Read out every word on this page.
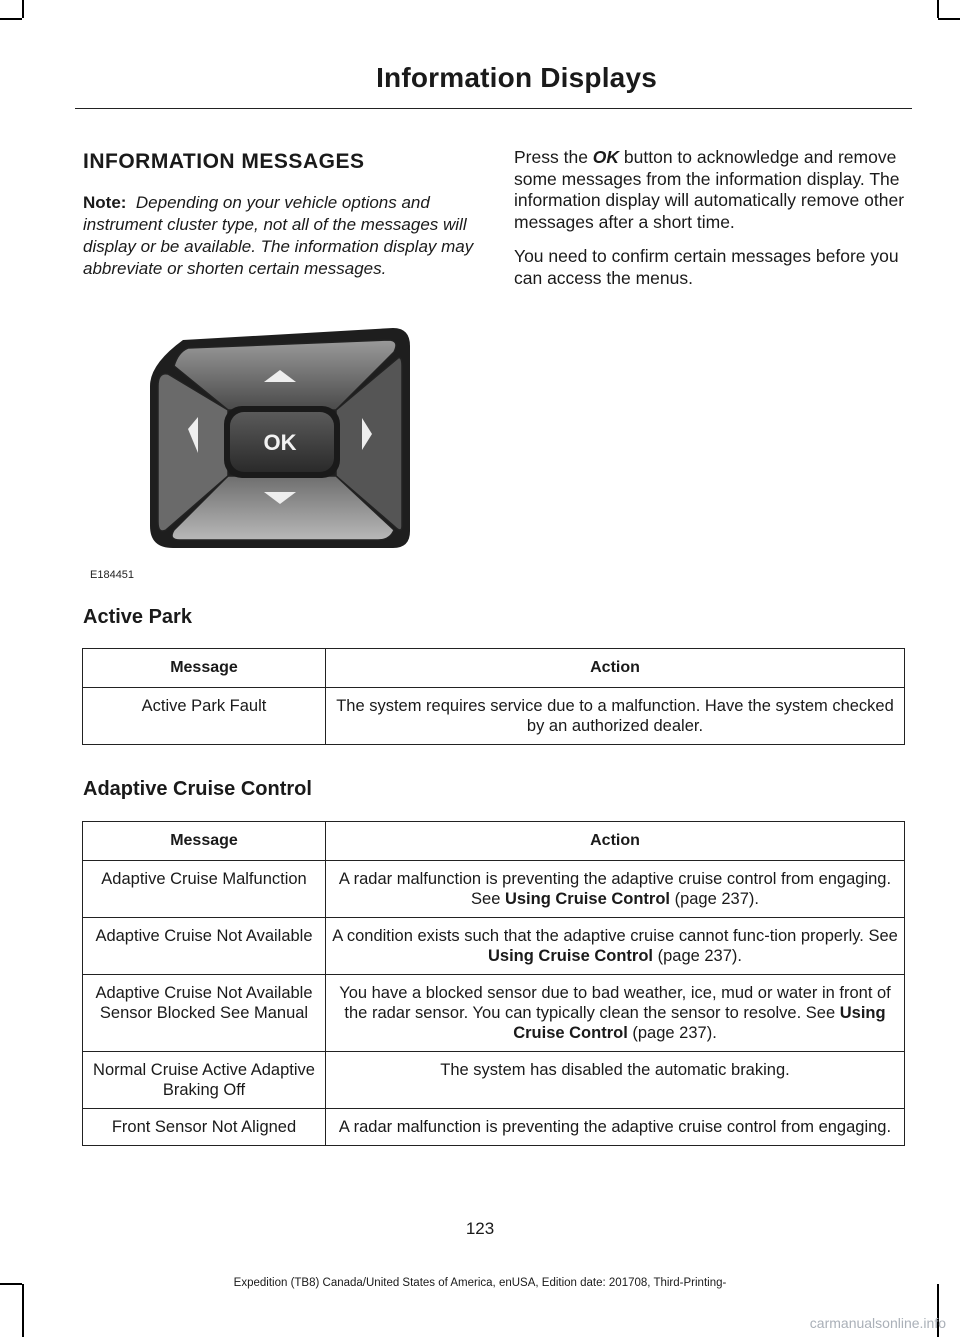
Information Displays
INFORMATION MESSAGES

Note: Depending on your vehicle options and instrument cluster type, not all of the messages will display or be available. The information display may abbreviate or shorten certain messages.

Press the OK button to acknowledge and remove some messages from the information display. The information display will automatically remove other messages after a short time.

You need to confirm certain messages before you can access the menus.

OK
E184451
Active Park
Message	Action
Active Park Fault	The system requires service due to a malfunction. Have the system checked by an authorized dealer.
Adaptive Cruise Control
Message	Action
Adaptive Cruise Malfunction	A radar malfunction is preventing the adaptive cruise control from engaging. See Using Cruise Control (page 237).
Adaptive Cruise Not Available	A condition exists such that the adaptive cruise cannot func-tion properly. See Using Cruise Control (page 237).
Adaptive Cruise Not Available Sensor Blocked See Manual	You have a blocked sensor due to bad weather, ice, mud or water in front of the radar sensor. You can typically clean the sensor to resolve. See Using Cruise Control (page 237).
Normal Cruise Active Adaptive Braking Off	The system has disabled the automatic braking.
Front Sensor Not Aligned	A radar malfunction is preventing the adaptive cruise control from engaging.
123
Expedition (TB8) Canada/United States of America, enUSA, Edition date: 201708, Third-Printing-
carmanualsonline.info
